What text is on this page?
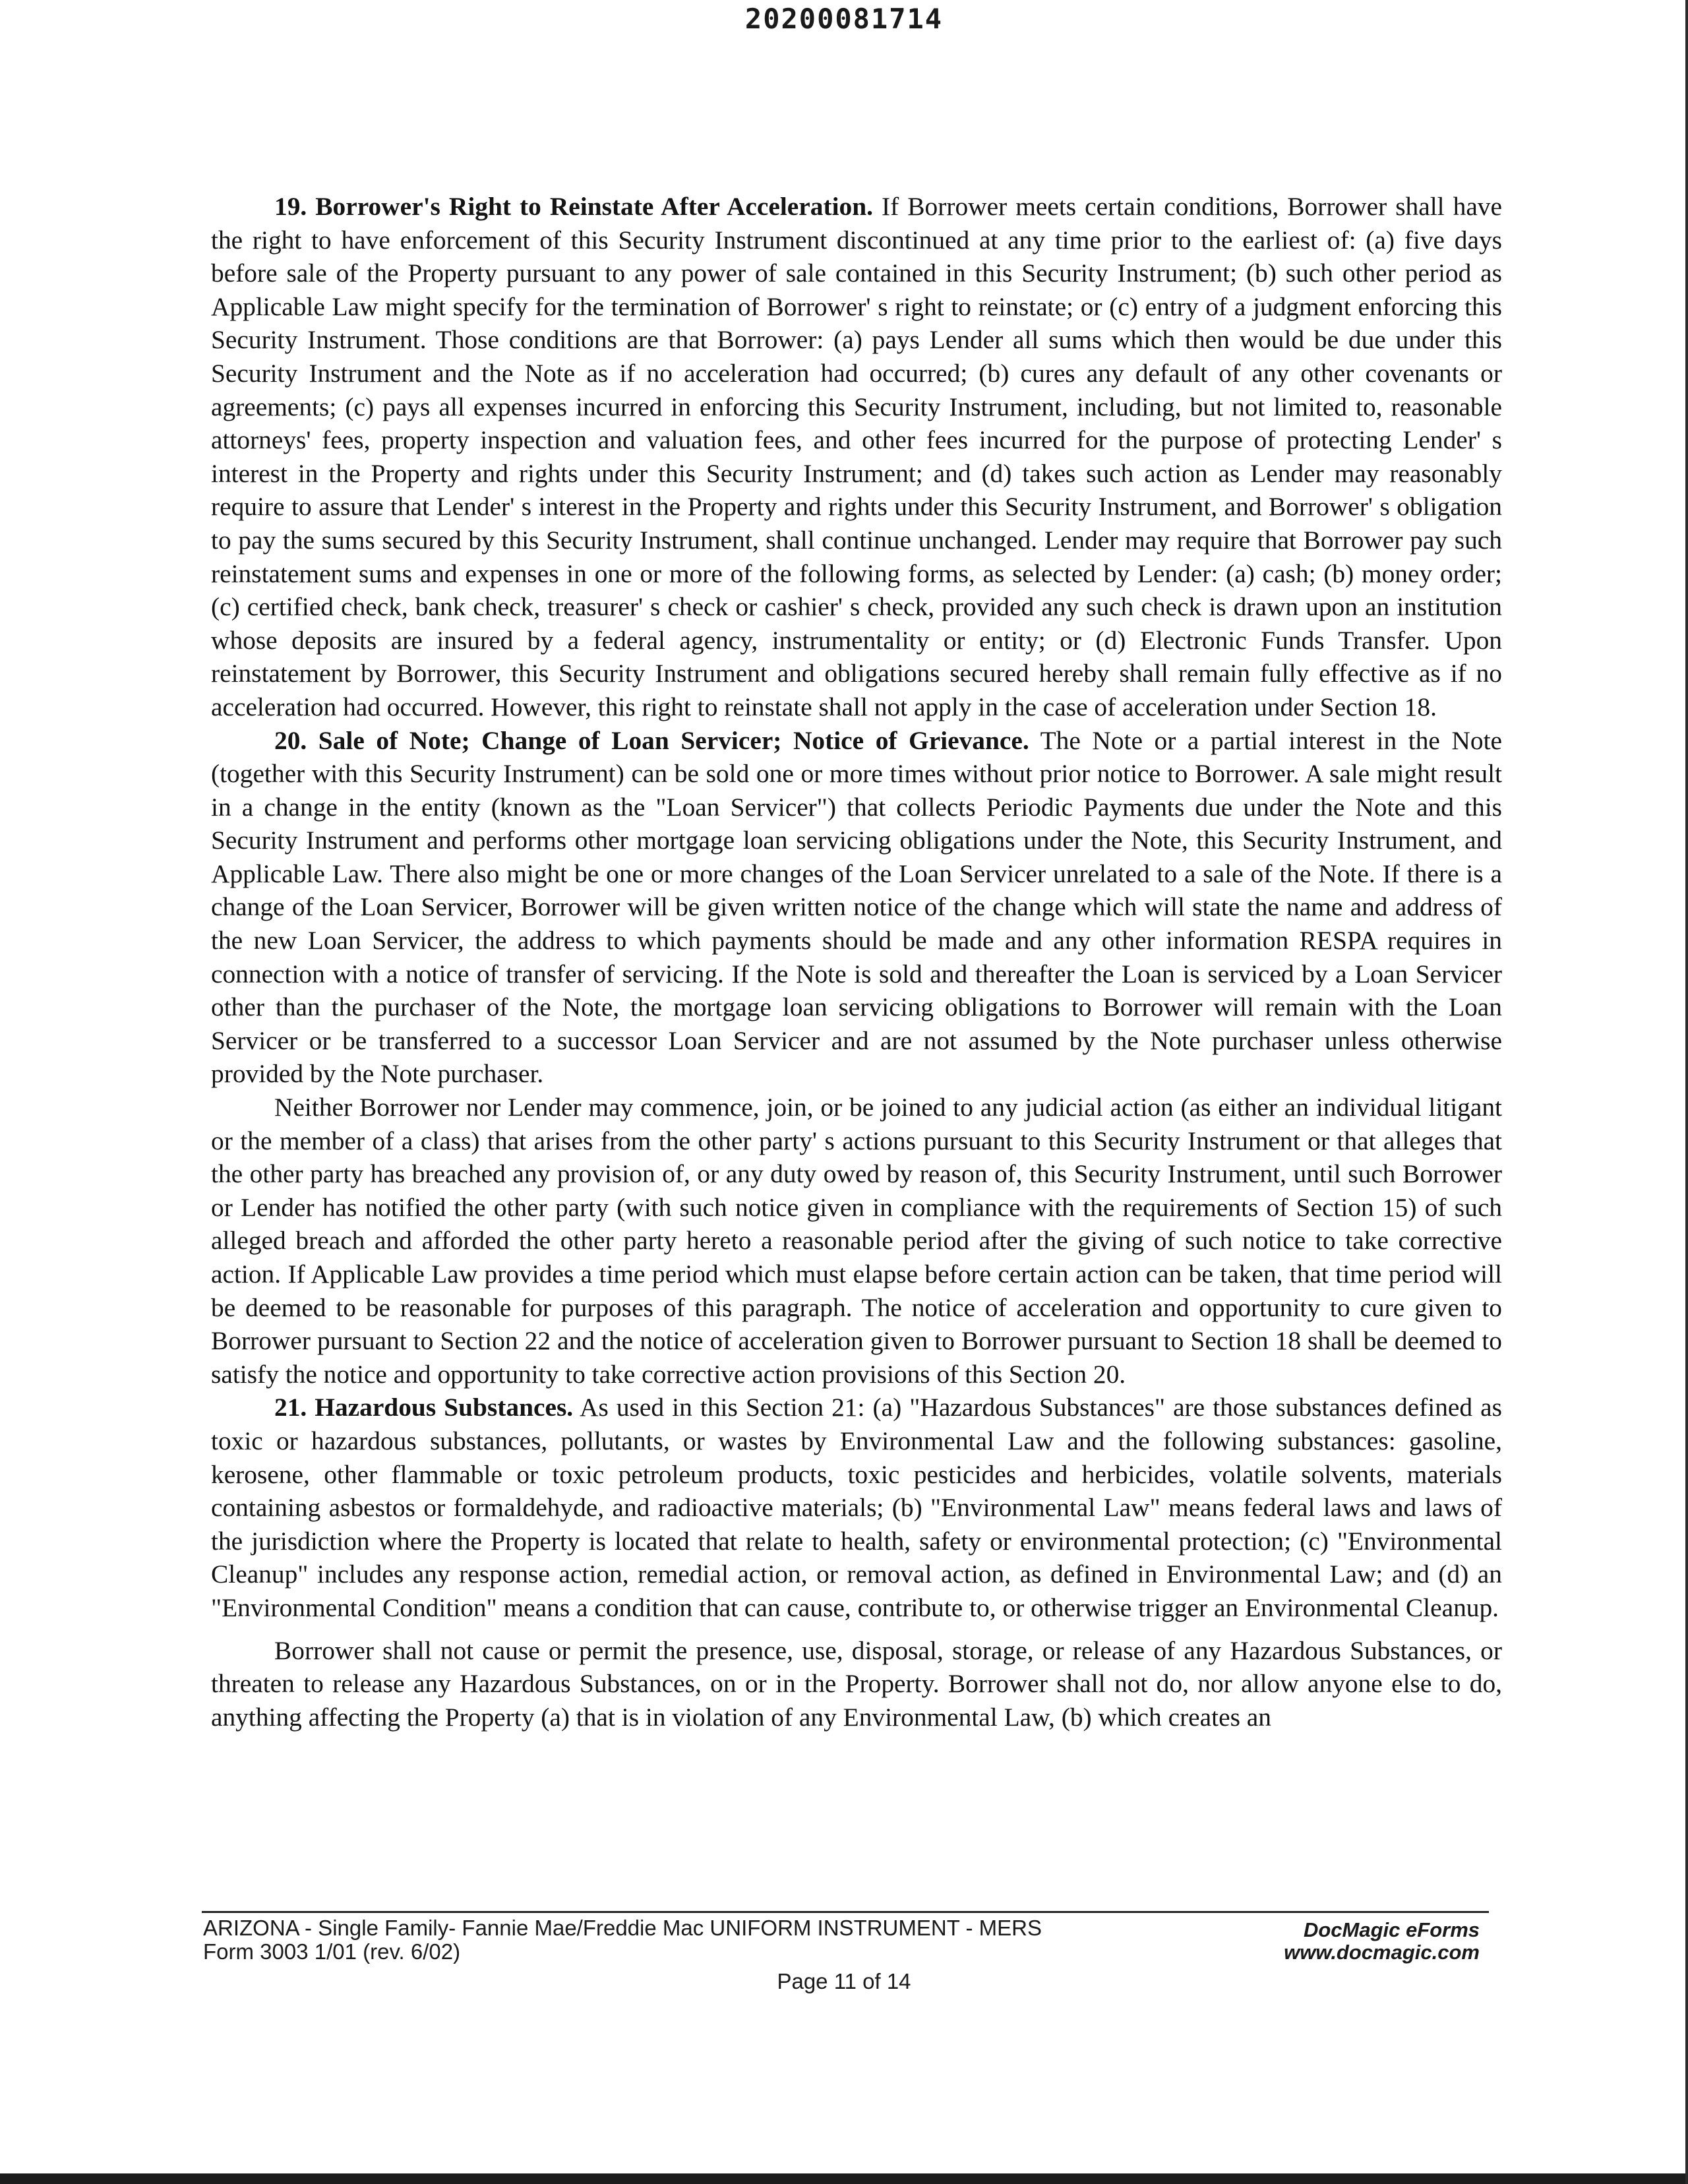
20200081714

19. Borrower's Right to Reinstate After Acceleration. If Borrower meets certain conditions, Borrower shall have the right to have enforcement of this Security Instrument discontinued at any time prior to the earliest of: (a) five days before sale of the Property pursuant to any power of sale contained in this Security Instrument; (b) such other period as Applicable Law might specify for the termination of Borrower' s right to reinstate; or (c) entry of a judgment enforcing this Security Instrument. Those conditions are that Borrower: (a) pays Lender all sums which then would be due under this Security Instrument and the Note as if no acceleration had occurred; (b) cures any default of any other covenants or agreements; (c) pays all expenses incurred in enforcing this Security Instrument, including, but not limited to, reasonable attorneys' fees, property inspection and valuation fees, and other fees incurred for the purpose of protecting Lender' s interest in the Property and rights under this Security Instrument; and (d) takes such action as Lender may reasonably require to assure that Lender' s interest in the Property and rights under this Security Instrument, and Borrower' s obligation to pay the sums secured by this Security Instrument, shall continue unchanged. Lender may require that Borrower pay such reinstatement sums and expenses in one or more of the following forms, as selected by Lender: (a) cash; (b) money order; (c) certified check, bank check, treasurer' s check or cashier' s check, provided any such check is drawn upon an institution whose deposits are insured by a federal agency, instrumentality or entity; or (d) Electronic Funds Transfer. Upon reinstatement by Borrower, this Security Instrument and obligations secured hereby shall remain fully effective as if no acceleration had occurred. However, this right to reinstate shall not apply in the case of acceleration under Section 18.

20. Sale of Note; Change of Loan Servicer; Notice of Grievance. The Note or a partial interest in the Note (together with this Security Instrument) can be sold one or more times without prior notice to Borrower. A sale might result in a change in the entity (known as the "Loan Servicer") that collects Periodic Payments due under the Note and this Security Instrument and performs other mortgage loan servicing obligations under the Note, this Security Instrument, and Applicable Law. There also might be one or more changes of the Loan Servicer unrelated to a sale of the Note. If there is a change of the Loan Servicer, Borrower will be given written notice of the change which will state the name and address of the new Loan Servicer, the address to which payments should be made and any other information RESPA requires in connection with a notice of transfer of servicing. If the Note is sold and thereafter the Loan is serviced by a Loan Servicer other than the purchaser of the Note, the mortgage loan servicing obligations to Borrower will remain with the Loan Servicer or be transferred to a successor Loan Servicer and are not assumed by the Note purchaser unless otherwise provided by the Note purchaser.

Neither Borrower nor Lender may commence, join, or be joined to any judicial action (as either an individual litigant or the member of a class) that arises from the other party' s actions pursuant to this Security Instrument or that alleges that the other party has breached any provision of, or any duty owed by reason of, this Security Instrument, until such Borrower or Lender has notified the other party (with such notice given in compliance with the requirements of Section 15) of such alleged breach and afforded the other party hereto a reasonable period after the giving of such notice to take corrective action. If Applicable Law provides a time period which must elapse before certain action can be taken, that time period will be deemed to be reasonable for purposes of this paragraph. The notice of acceleration and opportunity to cure given to Borrower pursuant to Section 22 and the notice of acceleration given to Borrower pursuant to Section 18 shall be deemed to satisfy the notice and opportunity to take corrective action provisions of this Section 20.

21. Hazardous Substances. As used in this Section 21: (a) "Hazardous Substances" are those substances defined as toxic or hazardous substances, pollutants, or wastes by Environmental Law and the following substances: gasoline, kerosene, other flammable or toxic petroleum products, toxic pesticides and herbicides, volatile solvents, materials containing asbestos or formaldehyde, and radioactive materials; (b) "Environmental Law" means federal laws and laws of the jurisdiction where the Property is located that relate to health, safety or environmental protection; (c) "Environmental Cleanup" includes any response action, remedial action, or removal action, as defined in Environmental Law; and (d) an "Environmental Condition" means a condition that can cause, contribute to, or otherwise trigger an Environmental Cleanup.

Borrower shall not cause or permit the presence, use, disposal, storage, or release of any Hazardous Substances, or threaten to release any Hazardous Substances, on or in the Property. Borrower shall not do, nor allow anyone else to do, anything affecting the Property (a) that is in violation of any Environmental Law, (b) which creates an

ARIZONA - Single Family- Fannie Mae/Freddie Mac UNIFORM INSTRUMENT - MERS
Form 3003 1/01 (rev. 6/02)
DocMagic eForms
www.docmagic.com
Page 11 of 14
